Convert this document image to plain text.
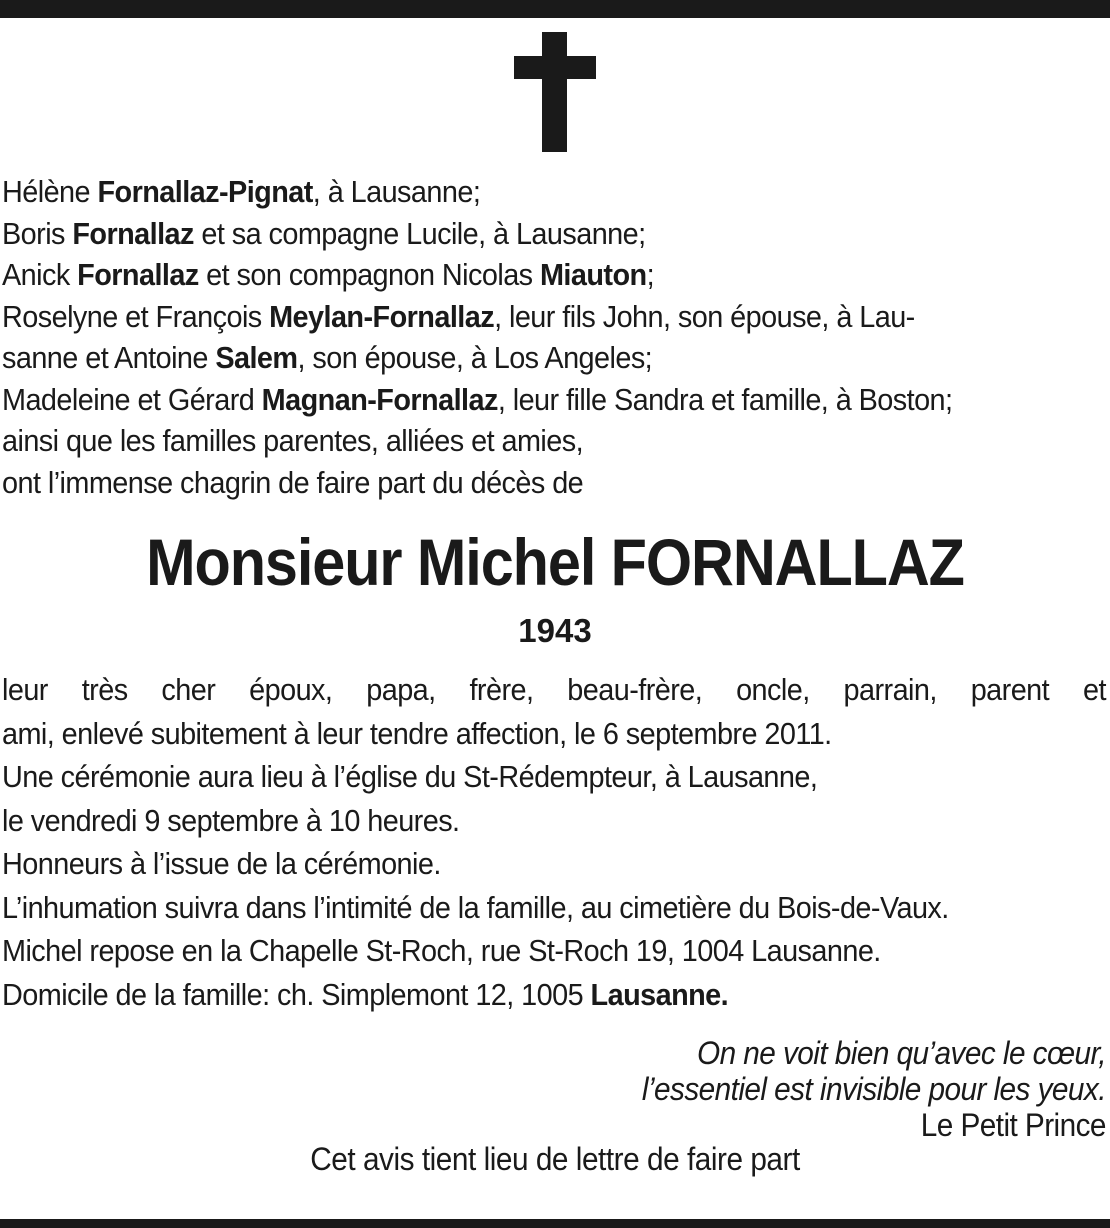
Hélène Fornallaz-Pignat, à Lausanne;
Boris Fornallaz et sa compagne Lucile, à Lausanne;
Anick Fornallaz et son compagnon Nicolas Miauton;
Roselyne et François Meylan-Fornallaz, leur fils John, son épouse, à Lau-
sanne et Antoine Salem, son épouse, à Los Angeles;
Madeleine et Gérard Magnan-Fornallaz, leur fille Sandra et famille, à Boston;
ainsi que les familles parentes, alliées et amies,
ont l’immense chagrin de faire part du décès de
Monsieur Michel FORNALLAZ
1943
leur très cher époux, papa, frère, beau-frère, oncle, parrain, parent et
ami, enlevé subitement à leur tendre affection, le 6 septembre 2011.
Une cérémonie aura lieu à l’église du St-Rédempteur, à Lausanne,
le vendredi 9 septembre à 10 heures.
Honneurs à l’issue de la cérémonie.
L’inhumation suivra dans l’intimité de la famille, au cimetière du Bois-de-Vaux.
Michel repose en la Chapelle St-Roch, rue St-Roch 19, 1004 Lausanne.
Domicile de la famille: ch. Simplemont 12, 1005 Lausanne.
On ne voit bien qu’avec le cœur,
l’essentiel est invisible pour les yeux.
Le Petit Prince
Cet avis tient lieu de lettre de faire part
